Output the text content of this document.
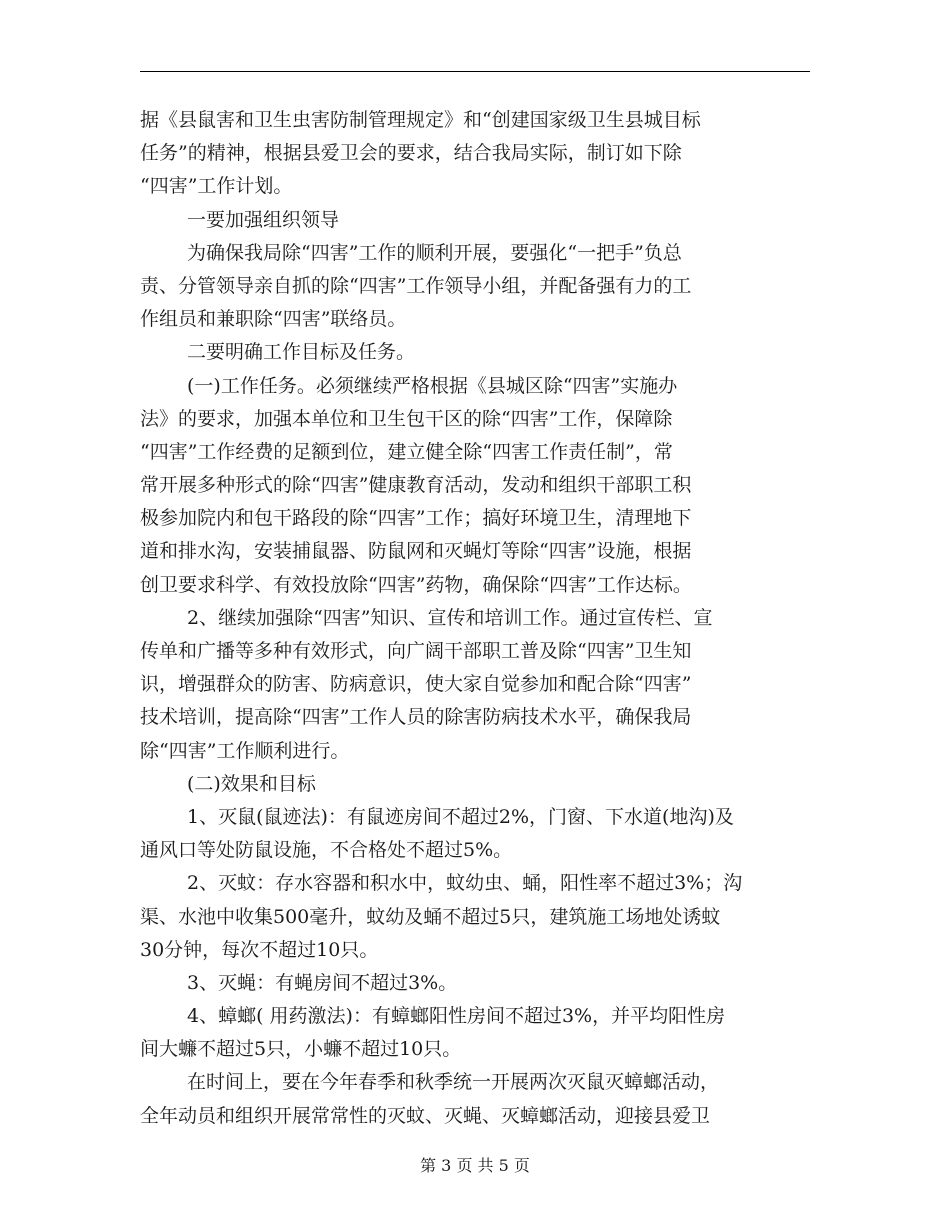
据《县鼠害和卫生虫害防制管理规定》和“创建国家级卫生县城目标
任务”的精神，根据县爱卫会的要求，结合我局实际，制订如下除
“四害”工作计划。
一要加强组织领导
为确保我局除“四害”工作的顺利开展，要强化“一把手”负总
责、分管领导亲自抓的除“四害”工作领导小组，并配备强有力的工
作组员和兼职除“四害”联络员。
二要明确工作目标及任务。
(一)工作任务。必须继续严格根据《县城区除“四害”实施办
法》的要求，加强本单位和卫生包干区的除“四害”工作，保障除
“四害”工作经费的足额到位，建立健全除“四害工作责任制”，常
常开展多种形式的除“四害”健康教育活动，发动和组织干部职工积
极参加院内和包干路段的除“四害”工作；搞好环境卫生，清理地下
道和排水沟，安装捕鼠器、防鼠网和灭蝇灯等除“四害”设施，根据
创卫要求科学、有效投放除“四害”药物，确保除“四害”工作达标。
2、继续加强除“四害”知识、宣传和培训工作。通过宣传栏、宣
传单和广播等多种有效形式，向广阔干部职工普及除“四害”卫生知
识，增强群众的防害、防病意识，使大家自觉参加和配合除“四害”
技术培训，提高除“四害”工作人员的除害防病技术水平，确保我局
除“四害”工作顺利进行。
(二)效果和目标
1、灭鼠(鼠迹法)：有鼠迹房间不超过2%，门窗、下水道(地沟)及
通风口等处防鼠设施，不合格处不超过5%。
2、灭蚊：存水容器和积水中，蚊幼虫、蛹，阳性率不超过3%；沟
渠、水池中收集500毫升，蚊幼及蛹不超过5只，建筑施工场地处诱蚊
30分钟，每次不超过10只。
3、灭蝇：有蝇房间不超过3%。
4、蟑螂( 用药激法)：有蟑螂阳性房间不超过3%，并平均阳性房
间大蠊不超过5只，小蠊不超过10只。
在时间上，要在今年春季和秋季统一开展两次灭鼠灭蟑螂活动，
全年动员和组织开展常常性的灭蚊、灭蝇、灭蟑螂活动，迎接县爱卫
第 3 页 共 5 页
